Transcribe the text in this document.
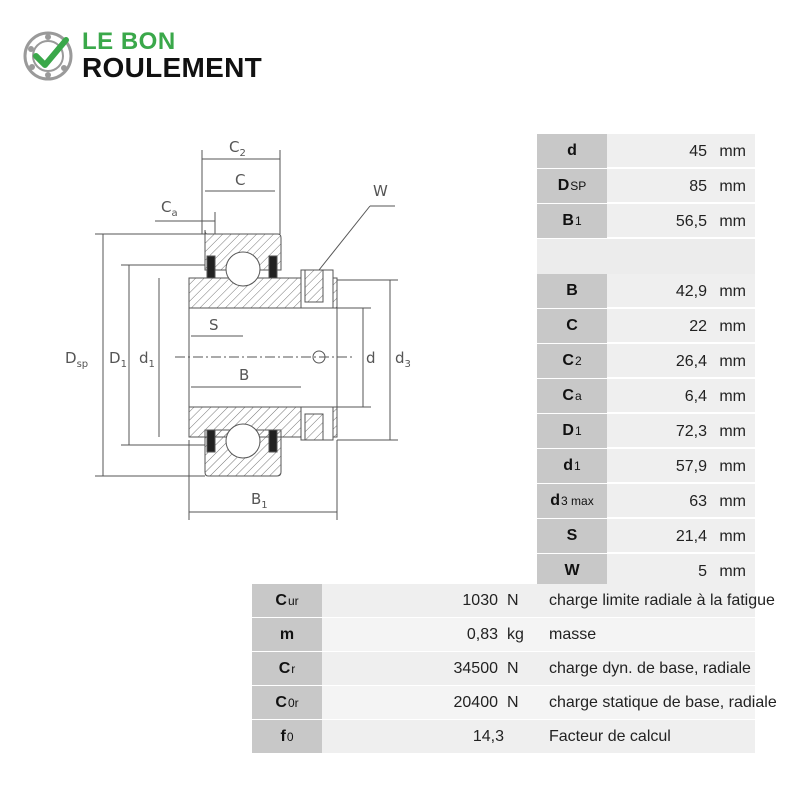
LE BON
ROULEMENT
$C_2$
C
$C_a$
W
$D_{sp}$ $D_1$ $d_1$
S
B
d $d_3$
$B_1$
d	45 mm
D SP	85 mm
B 1	56,5 mm
B	42,9 mm
C	22 mm
C 2	26,4 mm
C a	6,4 mm
D 1	72,3 mm
d 1	57,9 mm
d 3 max	63 mm
S	21,4 mm
W	5 mm
C ur	1030 N charge limite radiale à la fatigue
m	0,83 kg masse
C r	34500 N charge dyn. de base, radiale
C 0r	20400 N charge statique de base, radiale
f 0	14,3	Facteur de calcul
